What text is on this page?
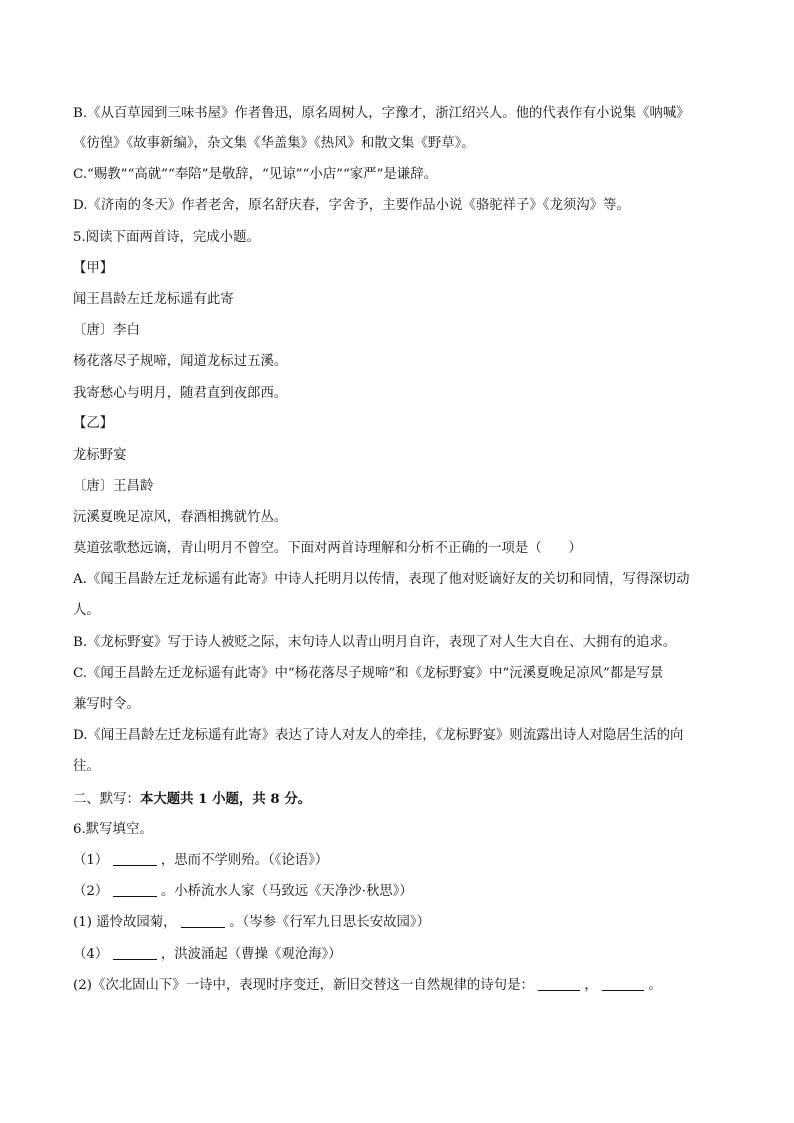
B.《从百草园到三味书屋》作者鲁迅，原名周树人，字豫才，浙江绍兴人。他的代表作有小说集《呐喊》
《彷徨》《故事新编》，杂文集《华盖集》《热风》和散文集《野草》。
C.“赐教”“高就”“奉陪”是敬辞，“见谅”“小店”“家严”是谦辞。
D.《济南的冬天》作者老舍，原名舒庆春，字舍予，主要作品小说《骆驼祥子》《龙须沟》等。
5.阅读下面两首诗，完成小题。
【甲】
闻王昌龄左迁龙标遥有此寄
〔唐〕李白
杨花落尽子规啼，闻道龙标过五溪。
我寄愁心与明月，随君直到夜郎西。
【乙】
龙标野宴
〔唐〕王昌龄
沅溪夏晚足凉风，春酒相携就竹丛。
莫道弦歌愁远谪，青山明月不曾空。下面对两首诗理解和分析不正确的一项是（　　）
A.《闻王昌龄左迁龙标遥有此寄》中诗人托明月以传情，表现了他对贬谪好友的关切和同情，写得深切动
人。
B.《龙标野宴》写于诗人被贬之际，末句诗人以青山明月自许，表现了对人生大自在、大拥有的追求。
C.《闻王昌龄左迁龙标遥有此寄》中“杨花落尽子规啼”和《龙标野宴》中“沅溪夏晚足凉风”都是写景
兼写时令。
D.《闻王昌龄左迁龙标遥有此寄》表达了诗人对友人的牵挂，《龙标野宴》则流露出诗人对隐居生活的向
往。
二、默写：本大题共 1 小题，共 8 分。
6.默写填空。
（1）	，思而不学则殆。（《论语》）
（2）	。小桥流水人家（马致远《天净沙·秋思》）
(1) 遥怜故园菊，	。（岑参《行军九日思长安故园》）
（4）	，洪波涌起（曹操《观沧海》）
(2)《次北固山下》一诗中，表现时序变迁，新旧交替这一自然规律的诗句是：	，	。
